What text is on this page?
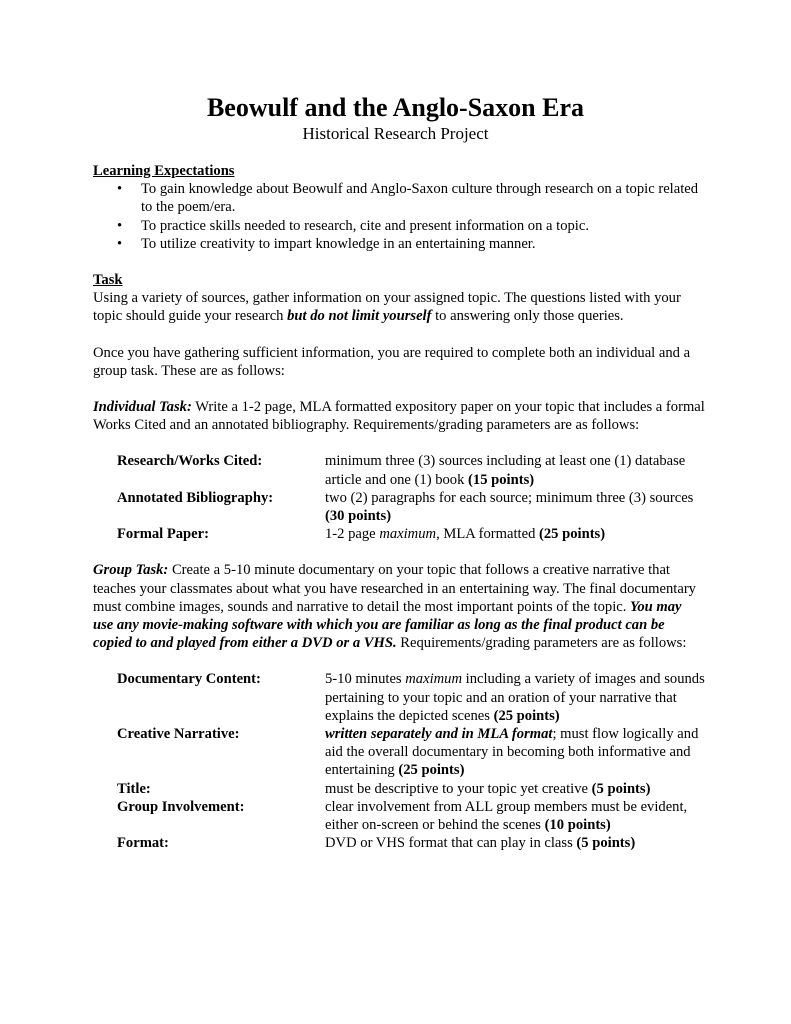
Beowulf and the Anglo-Saxon Era
Historical Research Project
Learning Expectations
• To gain knowledge about Beowulf and Anglo-Saxon culture through research on a topic related to the poem/era.
• To practice skills needed to research, cite and present information on a topic.
• To utilize creativity to impart knowledge in an entertaining manner.
Task

Using a variety of sources, gather information on your assigned topic. The questions listed with your topic should guide your research but do not limit yourself to answering only those queries.

Once you have gathering sufficient information, you are required to complete both an individual and a group task. These are as follows:

Individual Task: Write a 1-2 page, MLA formatted expository paper on your topic that includes a formal Works Cited and an annotated bibliography. Requirements/grading parameters are as follows:

Research/Works Cited:	minimum three (3) sources including at least one (1) database article and one (1) book (15 points)
Annotated Bibliography:	two (2) paragraphs for each source; minimum three (3) sources (30 points)
Formal Paper:	1-2 page maximum, MLA formatted (25 points)

Group Task: Create a 5-10 minute documentary on your topic that follows a creative narrative that teaches your classmates about what you have researched in an entertaining way. The final documentary must combine images, sounds and narrative to detail the most important points of the topic. You may use any movie-making software with which you are familiar as long as the final product can be copied to and played from either a DVD or a VHS. Requirements/grading parameters are as follows:

Documentary Content:	5-10 minutes maximum including a variety of images and sounds pertaining to your topic and an oration of your narrative that explains the depicted scenes (25 points)
Creative Narrative:	written separately and in MLA format; must flow logically and aid the overall documentary in becoming both informative and entertaining (25 points)
Title:	must be descriptive to your topic yet creative (5 points)
Group Involvement:	clear involvement from ALL group members must be evident, either on-screen or behind the scenes (10 points)
Format:	DVD or VHS format that can play in class (5 points)
